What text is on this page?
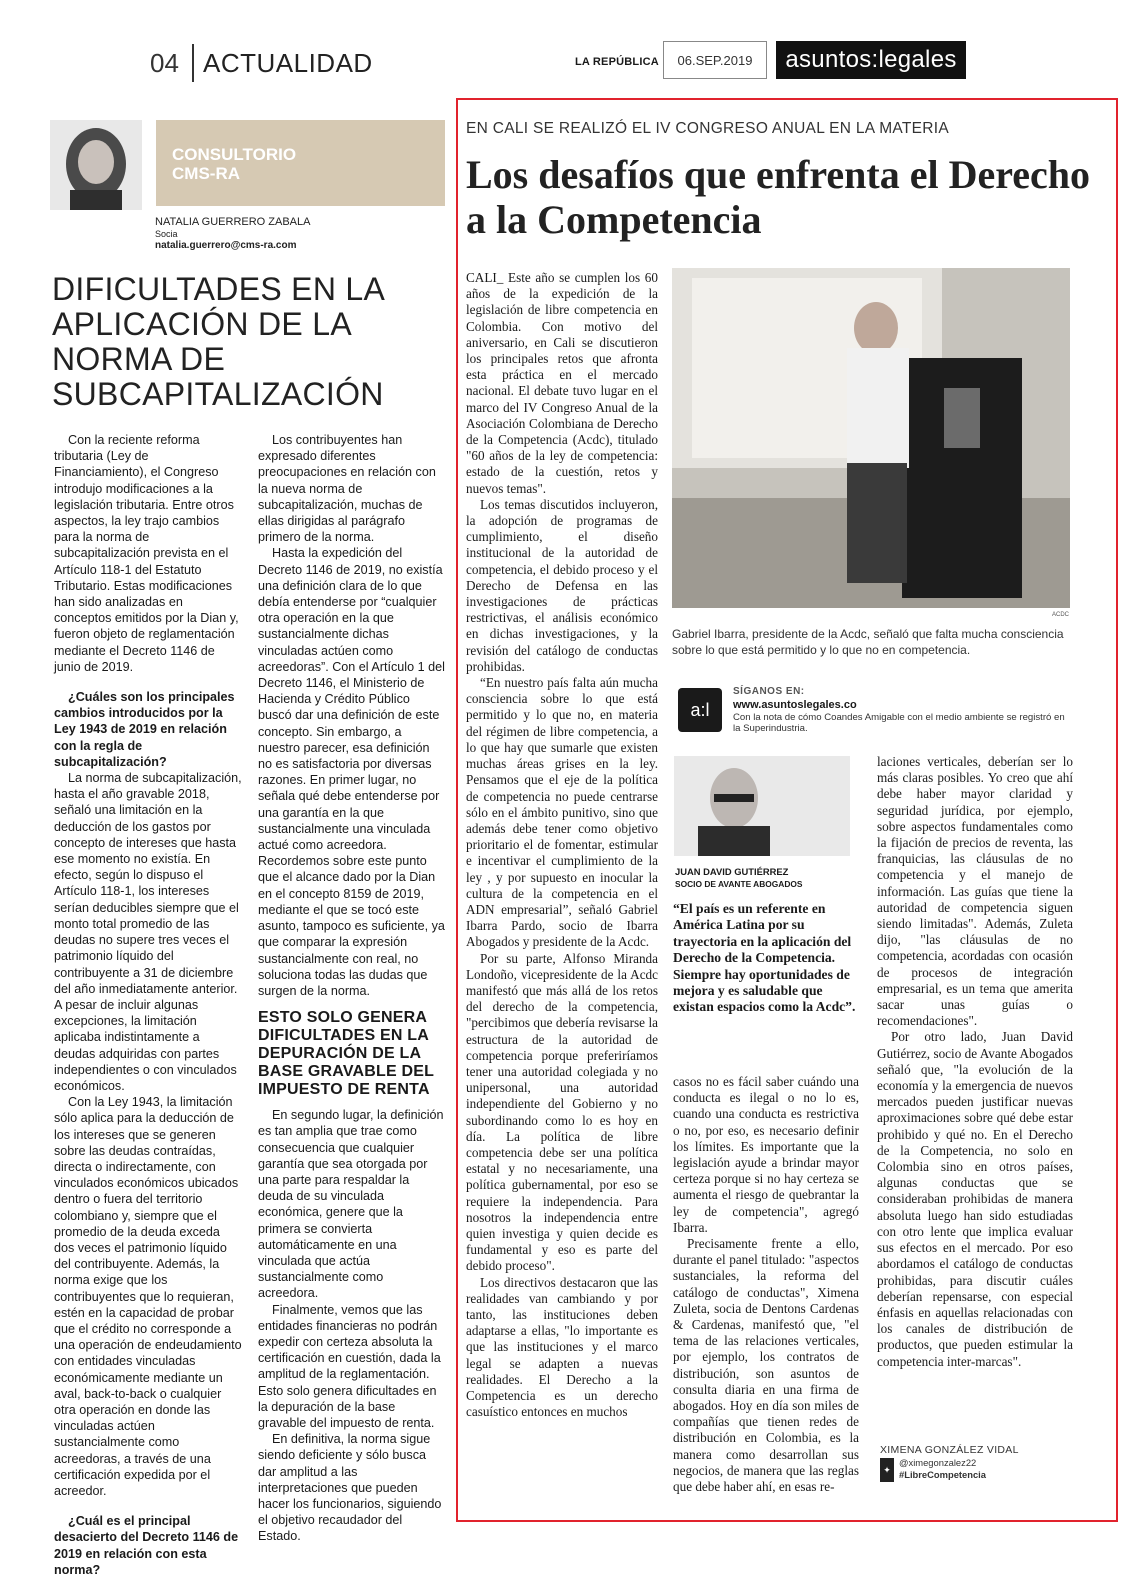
04 ACTUALIDAD	LA REPÚBLICA	06.SEP.2019	asuntos:legales
CONSULTORIO
CMS-RA
NATALIA GUERRERO ZABALA
Socia
natalia.guerrero@cms-ra.com
DIFICULTADES EN LA APLICACIÓN DE LA NORMA DE SUBCAPITALIZACIÓN

Con la reciente reforma tributaria (Ley de Financiamiento), el Congreso introdujo modificaciones a la legislación tributaria. Entre otros aspectos, la ley trajo cambios para la norma de subcapitalización prevista en el Artículo 118-1 del Estatuto Tributario. Estas modificaciones han sido analizadas en conceptos emitidos por la Dian y, fueron objeto de reglamentación mediante el Decreto 1146 de junio de 2019.

¿Cuáles son los principales cambios introducidos por la Ley 1943 de 2019 en relación con la regla de subcapitalización?

La norma de subcapitalización, hasta el año gravable 2018, señaló una limitación en la deducción de los gastos por concepto de intereses que hasta ese momento no existía. En efecto, según lo dispuso el Artículo 118-1, los intereses serían deducibles siempre que el monto total promedio de las deudas no supere tres veces el patrimonio líquido del contribuyente a 31 de diciembre del año inmediatamente anterior. A pesar de incluir algunas excepciones, la limitación aplicaba indistintamente a deudas adquiridas con partes independientes o con vinculados económicos.

Con la Ley 1943, la limitación sólo aplica para la deducción de los intereses que se generen sobre las deudas contraídas, directa o indirectamente, con vinculados económicos ubicados dentro o fuera del territorio colombiano y, siempre que el promedio de la deuda exceda dos veces el patrimonio líquido del contribuyente. Además, la norma exige que los contribuyentes que lo requieran, estén en la capacidad de probar que el crédito no corresponde a una operación de endeudamiento con entidades vinculadas económicamente mediante un aval, back-to-back o cualquier otra operación en donde las vinculadas actúen sustancialmente como acreedoras, a través de una certificación expedida por el acreedor.

¿Cuál es el principal desacierto del Decreto 1146 de 2019 en relación con esta norma?

Los contribuyentes han expresado diferentes preocupaciones en relación con la nueva norma de subcapitalización, muchas de ellas dirigidas al parágrafo primero de la norma.

Hasta la expedición del Decreto 1146 de 2019, no existía una definición clara de lo que debía entenderse por “cualquier otra operación en la que sustancialmente dichas vinculadas actúen como acreedoras”. Con el Artículo 1 del Decreto 1146, el Ministerio de Hacienda y Crédito Público buscó dar una definición de este concepto. Sin embargo, a nuestro parecer, esa definición no es satisfactoria por diversas razones. En primer lugar, no señala qué debe entenderse por una garantía en la que sustancialmente una vinculada actué como acreedora. Recordemos sobre este punto que el alcance dado por la Dian en el concepto 8159 de 2019, mediante el que se tocó este asunto, tampoco es suficiente, ya que comparar la expresión sustancialmente con real, no soluciona todas las dudas que surgen de la norma.

ESTO SOLO GENERA DIFICULTADES EN LA DEPURACIÓN DE LA BASE GRAVABLE DEL IMPUESTO DE RENTA

En segundo lugar, la definición es tan amplia que trae como consecuencia que cualquier garantía que sea otorgada por una parte para respaldar la deuda de su vinculada económica, genere que la primera se convierta automáticamente en una vinculada que actúa sustancialmente como acreedora.

Finalmente, vemos que las entidades financieras no podrán expedir con certeza absoluta la certificación en cuestión, dada la amplitud de la reglamentación. Esto solo genera dificultades en la depuración de la base gravable del impuesto de renta.

En definitiva, la norma sigue siendo deficiente y sólo busca dar amplitud a las interpretaciones que pueden hacer los funcionarios, siguiendo el objetivo recaudador del Estado.

EN CALI SE REALIZÓ EL IV CONGRESO ANUAL EN LA MATERIA
Los desafíos que enfrenta el Derecho a la Competencia

CALI_ Este año se cumplen los 60 años de la expedición de la legislación de libre competencia en Colombia. Con motivo del aniversario, en Cali se discutieron los principales retos que afronta esta práctica en el mercado nacional. El debate tuvo lugar en el marco del IV Congreso Anual de la Asociación Colombiana de Derecho de la Competencia (Acdc), titulado "60 años de la ley de competencia: estado de la cuestión, retos y nuevos temas".

Los temas discutidos incluyeron, la adopción de programas de cumplimiento, el diseño institucional de la autoridad de competencia, el debido proceso y el Derecho de Defensa en las investigaciones de prácticas restrictivas, el análisis económico en dichas investigaciones, y la revisión del catálogo de conductas prohibidas.

“En nuestro país falta aún mucha consciencia sobre lo que está permitido y lo que no, en materia del régimen de libre competencia, a lo que hay que sumarle que existen muchas áreas grises en la ley. Pensamos que el eje de la política de competencia no puede centrarse sólo en el ámbito punitivo, sino que además debe tener como objetivo prioritario el de fomentar, estimular e incentivar el cumplimiento de la ley , y por supuesto en inocular la cultura de la competencia en el ADN empresarial”, señaló Gabriel Ibarra Pardo, socio de Ibarra Abogados y presidente de la Acdc.

Por su parte, Alfonso Miranda Londoño, vicepresidente de la Acdc manifestó que más allá de los retos del derecho de la competencia, "percibimos que debería revisarse la estructura de la autoridad de competencia porque preferiríamos tener una autoridad colegiada y no unipersonal, una autoridad independiente del Gobierno y no subordinando como lo es hoy en día. La política de libre competencia debe ser una política estatal y no necesariamente, una política gubernamental, por eso se requiere la independencia. Para nosotros la independencia entre quien investiga y quien decide es fundamental y eso es parte del debido proceso".

Los directivos destacaron que las realidades van cambiando y por tanto, las instituciones deben adaptarse a ellas, "lo importante es que las instituciones y el marco legal se adapten a nuevas realidades. El Derecho a la Competencia es un derecho casuístico entonces en muchos

ACDC
Gabriel Ibarra, presidente de la Acdc, señaló que falta mucha consciencia sobre lo que está permitido y lo que no en competencia.
a:l
SÍGANOS EN:
www.asuntoslegales.co
Con la nota de cómo Coandes Amigable con el medio ambiente se registró en la Superindustria.
JUAN DAVID GUTIÉRREZ
SOCIO DE AVANTE ABOGADOS
“El país es un referente en América Latina por su trayectoria en la aplicación del Derecho de la Competencia. Siempre hay oportunidades de mejora y es saludable que existan espacios como la Acdc”.

casos no es fácil saber cuándo una conducta es ilegal o no lo es, cuando una conducta es restrictiva o no, por eso, es necesario definir los límites. Es importante que la legislación ayude a brindar mayor certeza porque si no hay certeza se aumenta el riesgo de quebrantar la ley de competencia", agregó Ibarra.

Precisamente frente a ello, durante el panel titulado: "aspectos sustanciales, la reforma del catálogo de conductas", Ximena Zuleta, socia de Dentons Cardenas & Cardenas, manifestó que, "el tema de las relaciones verticales, por ejemplo, los contratos de distribución, son asuntos de consulta diaria en una firma de abogados. Hoy en día son miles de compañías que tienen redes de distribución en Colombia, es la manera como desarrollan sus negocios, de manera que las reglas que debe haber ahí, en esas re-

laciones verticales, deberían ser lo más claras posibles. Yo creo que ahí debe haber mayor claridad y seguridad jurídica, por ejemplo, sobre aspectos fundamentales como la fijación de precios de reventa, las franquicias, las cláusulas de no competencia y el manejo de información. Las guías que tiene la autoridad de competencia siguen siendo limitadas". Además, Zuleta dijo, "las cláusulas de no competencia, acordadas con ocasión de procesos de integración empresarial, es un tema que amerita sacar unas guías o recomendaciones".

Por otro lado, Juan David Gutiérrez, socio de Avante Abogados señaló que, "la evolución de la economía y la emergencia de nuevos mercados pueden justificar nuevas aproximaciones sobre qué debe estar prohibido y qué no. En el Derecho de la Competencia, no solo en Colombia sino en otros países, algunas conductas que se consideraban prohibidas de manera absoluta luego han sido estudiadas con otro lente que implica evaluar sus efectos en el mercado. Por eso abordamos el catálogo de conductas prohibidas, para discutir cuáles deberían repensarse, con especial énfasis en aquellas relacionadas con los canales de distribución de productos, que pueden estimular la competencia inter-marcas".

XIMENA GONZÁLEZ VIDAL
✦
@ximegonzalez22
#LibreCompetencia
